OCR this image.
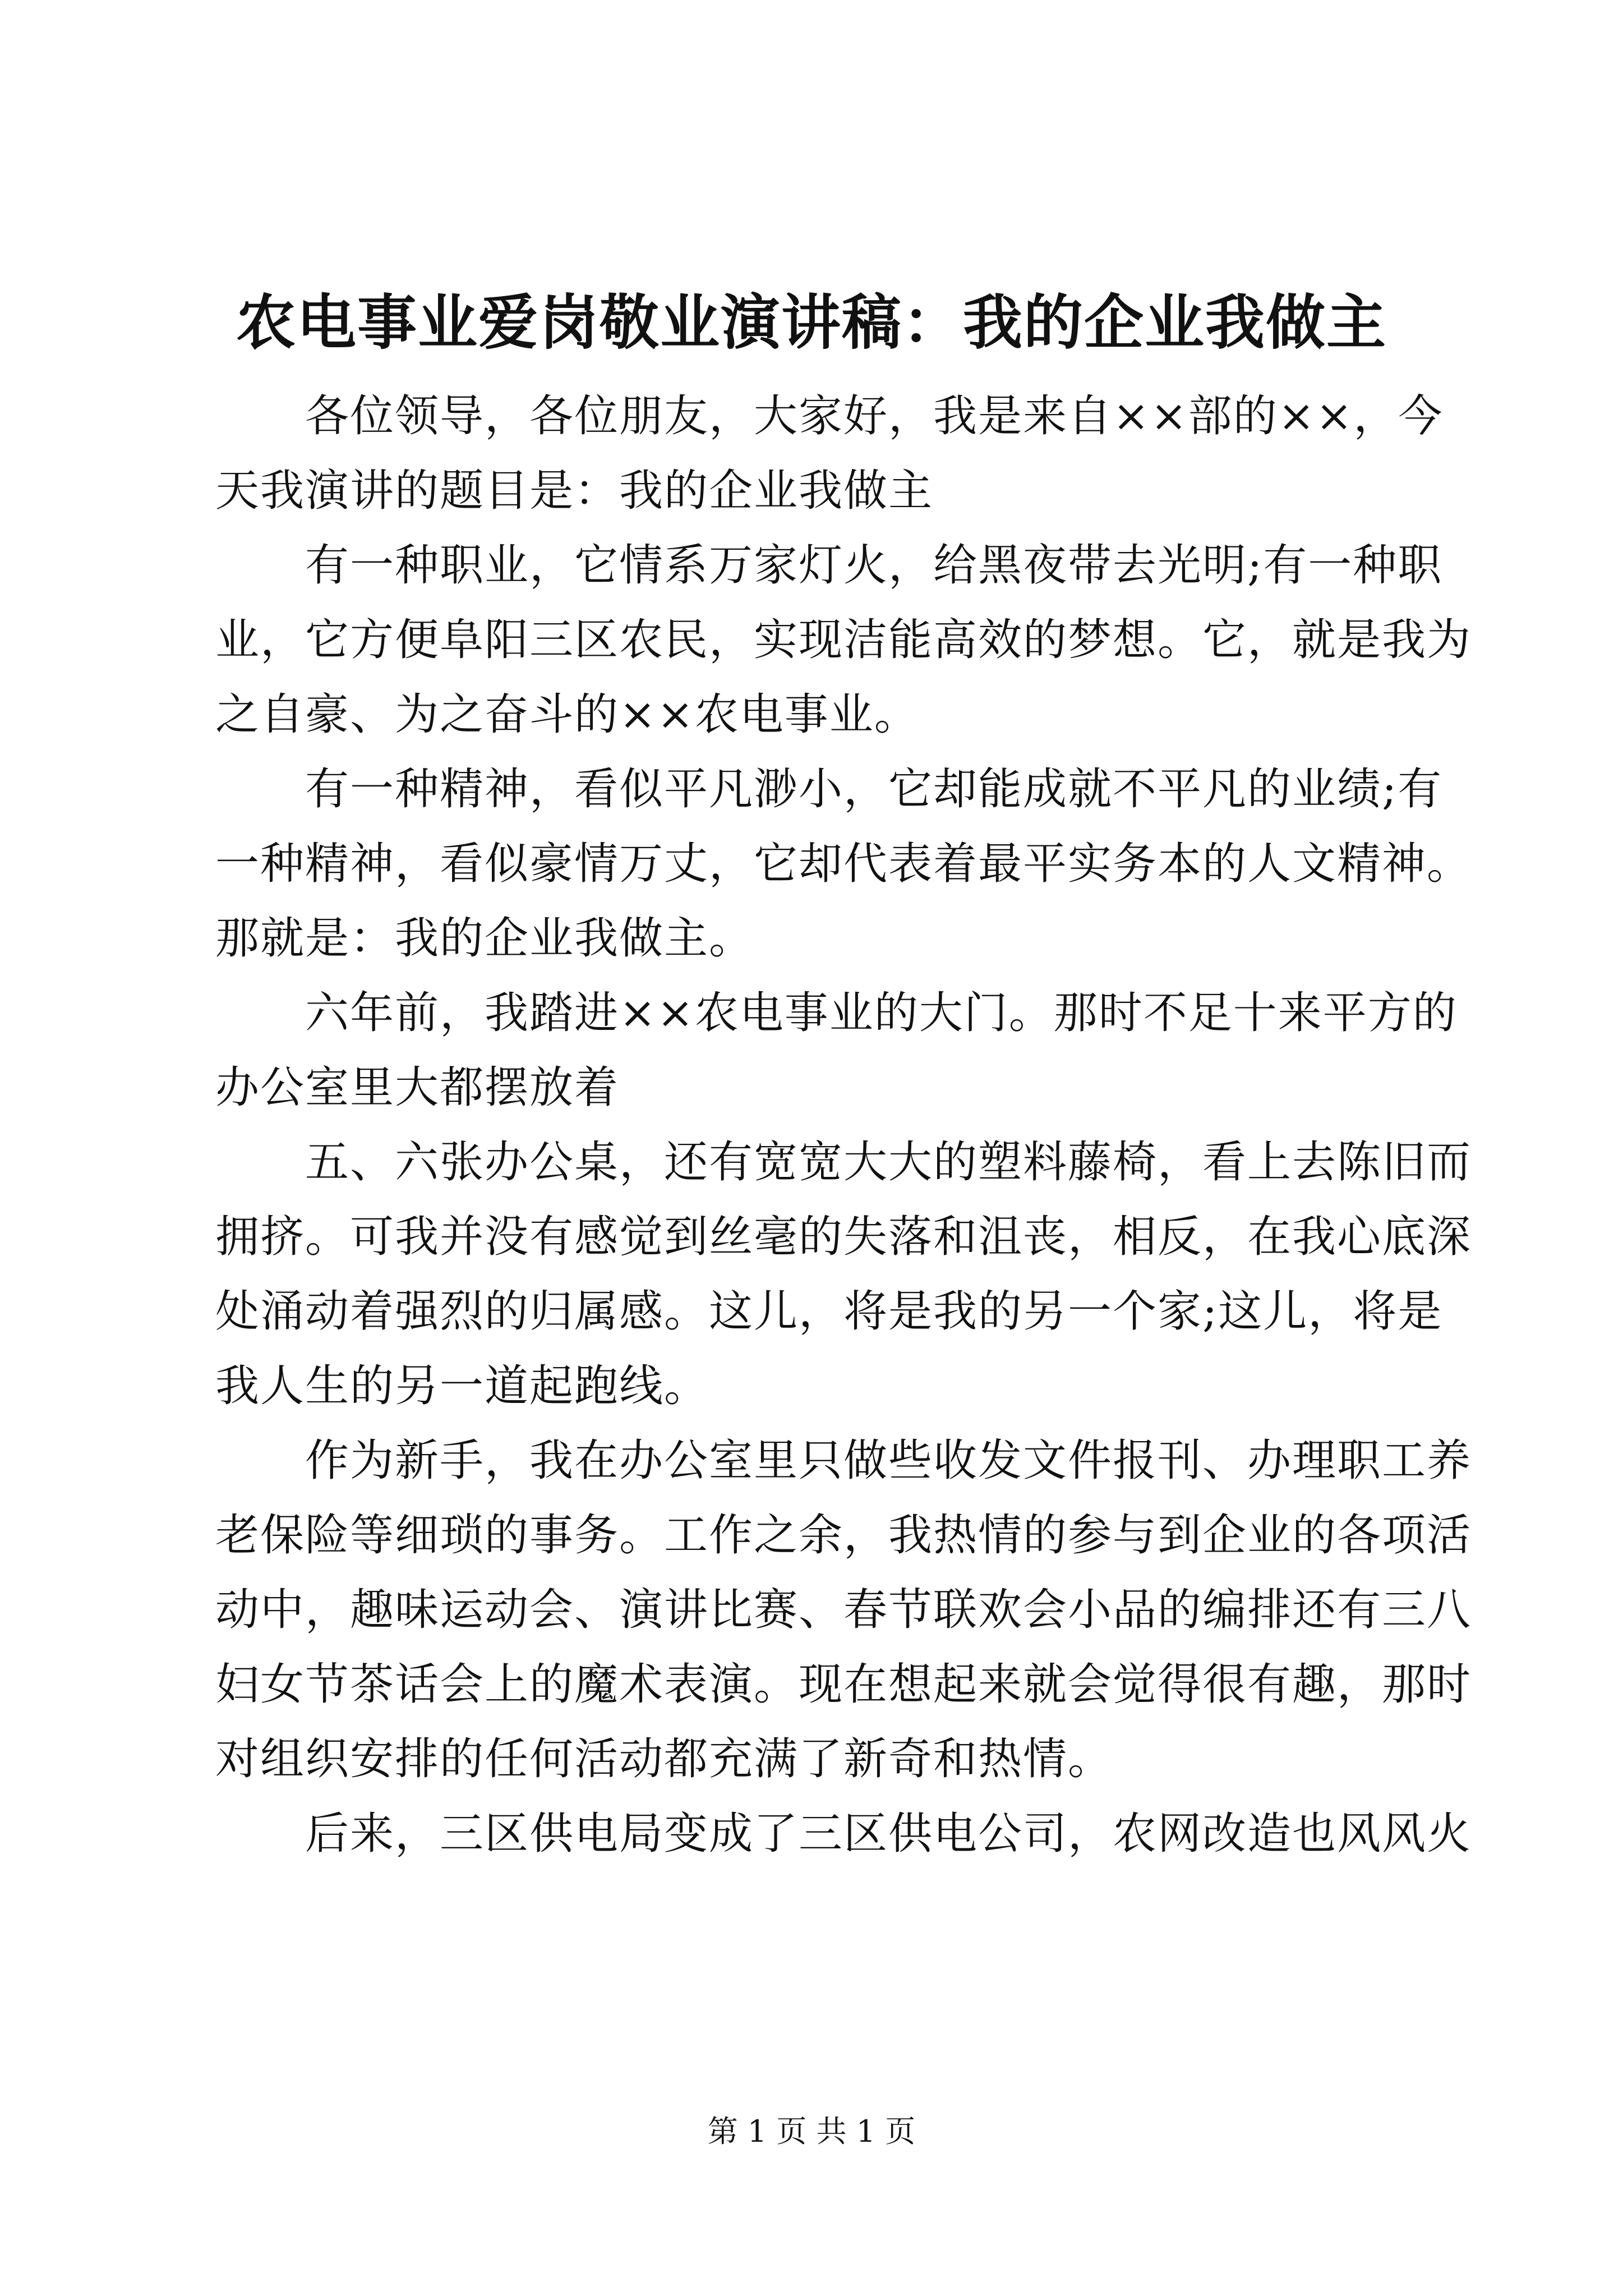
农电事业爱岗敬业演讲稿：我的企业我做主

各位领导，各位朋友，大家好，我是来自××部的××，今
天我演讲的题目是：我的企业我做主

有一种职业，它情系万家灯火，给黑夜带去光明;有一种职
业，它方便阜阳三区农民，实现洁能高效的梦想。它，就是我为
之自豪、为之奋斗的××农电事业。

有一种精神，看似平凡渺小，它却能成就不平凡的业绩;有
一种精神，看似豪情万丈，它却代表着最平实务本的人文精神。
那就是：我的企业我做主。

六年前，我踏进××农电事业的大门。那时不足十来平方的
办公室里大都摆放着

五、六张办公桌，还有宽宽大大的塑料藤椅，看上去陈旧而
拥挤。可我并没有感觉到丝毫的失落和沮丧，相反，在我心底深
处涌动着强烈的归属感。这儿，将是我的另一个家;这儿，将是
我人生的另一道起跑线。

作为新手，我在办公室里只做些收发文件报刊、办理职工养
老保险等细琐的事务。工作之余，我热情的参与到企业的各项活
动中，趣味运动会、演讲比赛、春节联欢会小品的编排还有三八
妇女节茶话会上的魔术表演。现在想起来就会觉得很有趣，那时
对组织安排的任何活动都充满了新奇和热情。

后来，三区供电局变成了三区供电公司，农网改造也风风火

第 1 页 共 1 页
